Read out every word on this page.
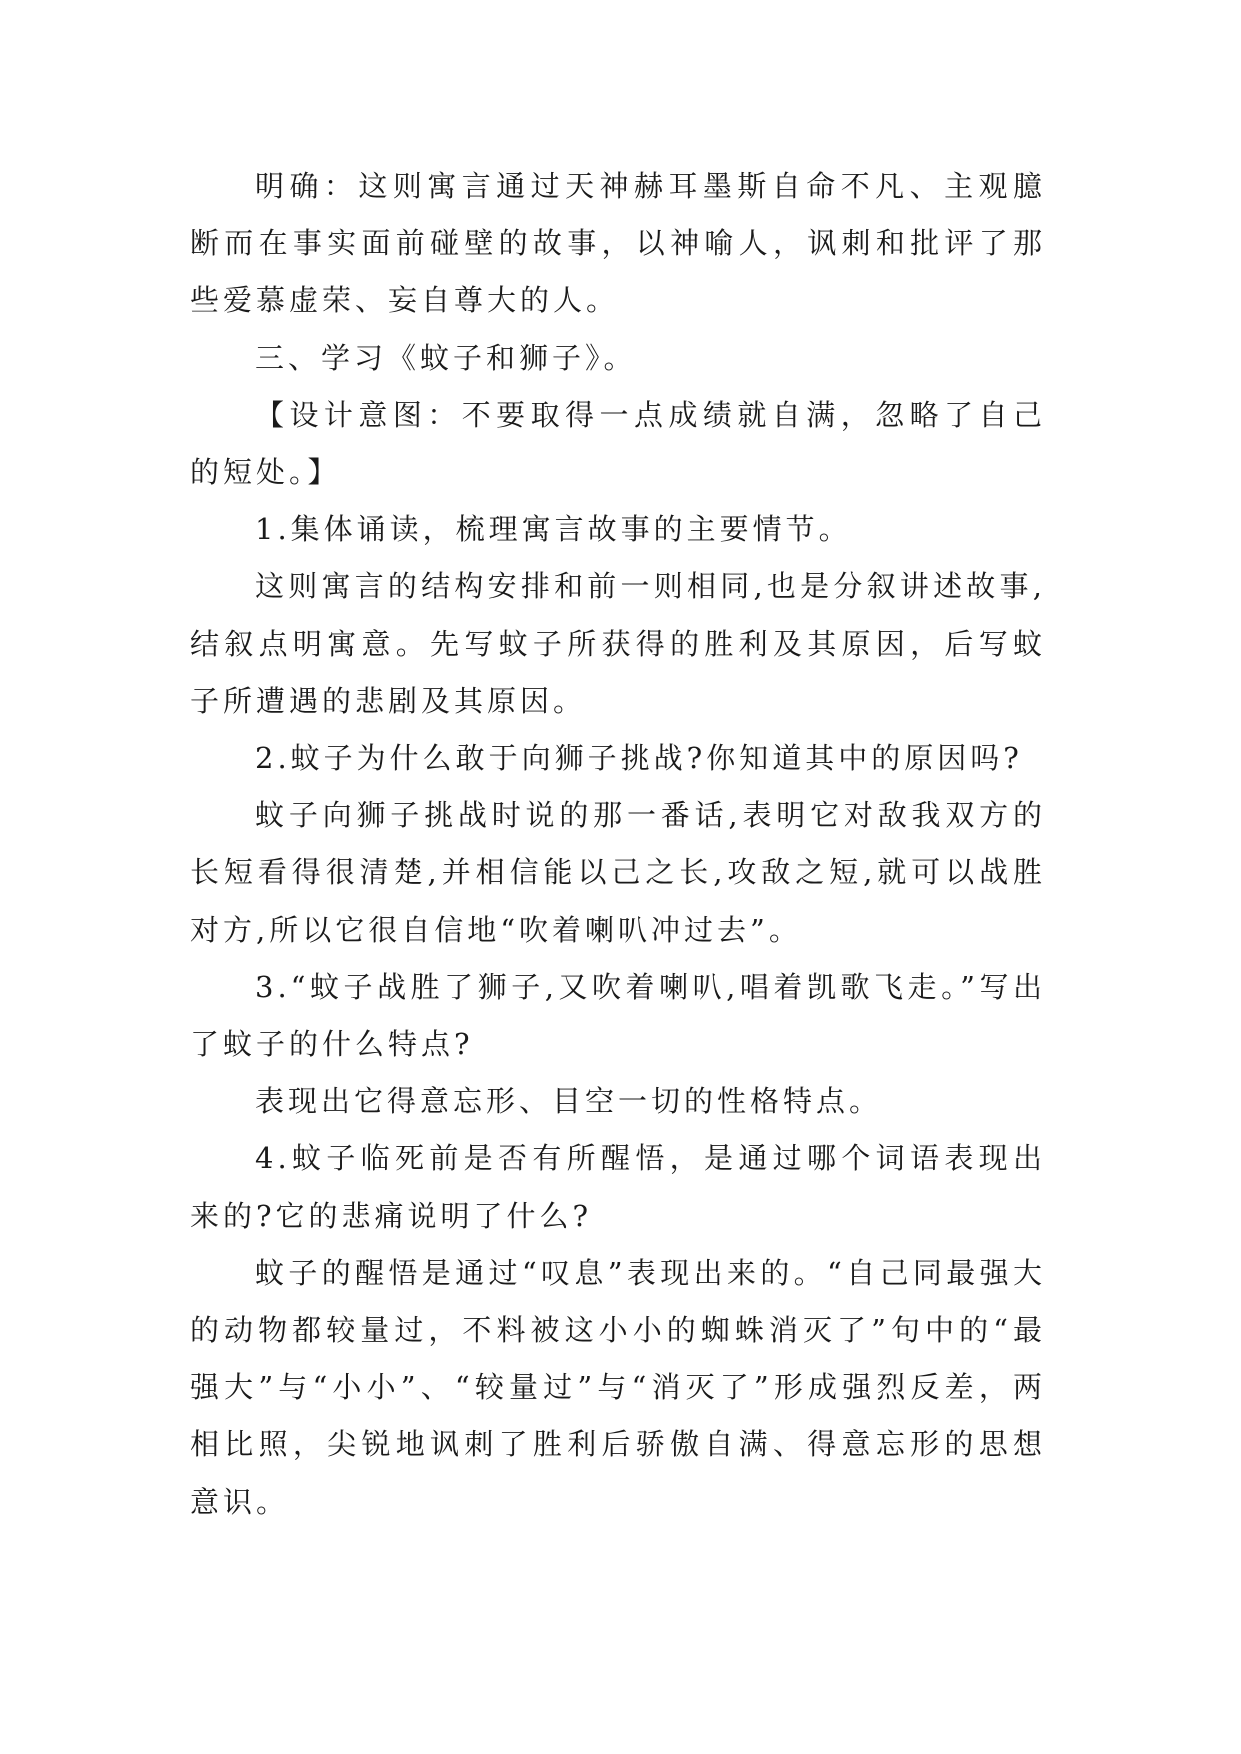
明确：这则寓言通过天神赫耳墨斯自命不凡、主观臆断而在事实面前碰壁的故事，以神喻人，讽刺和批评了那些爱慕虚荣、妄自尊大的人。

三、学习《蚊子和狮子》。

【设计意图：不要取得一点成绩就自满，忽略了自己的短处。】

1.集体诵读，梳理寓言故事的主要情节。

这则寓言的结构安排和前一则相同,也是分叙讲述故事,结叙点明寓意。先写蚊子所获得的胜利及其原因，后写蚊子所遭遇的悲剧及其原因。

2.蚊子为什么敢于向狮子挑战?你知道其中的原因吗?

蚊子向狮子挑战时说的那一番话,表明它对敌我双方的长短看得很清楚,并相信能以己之长,攻敌之短,就可以战胜对方,所以它很自信地“吹着喇叭冲过去”。

3.“蚊子战胜了狮子,又吹着喇叭,唱着凯歌飞走。”写出了蚊子的什么特点?

表现出它得意忘形、目空一切的性格特点。

4.蚊子临死前是否有所醒悟，是通过哪个词语表现出来的?它的悲痛说明了什么?

蚊子的醒悟是通过“叹息”表现出来的。“自己同最强大的动物都较量过，不料被这小小的蜘蛛消灭了”句中的“最强大”与“小小”、“较量过”与“消灭了”形成强烈反差，两相比照，尖锐地讽刺了胜利后骄傲自满、得意忘形的思想意识。
